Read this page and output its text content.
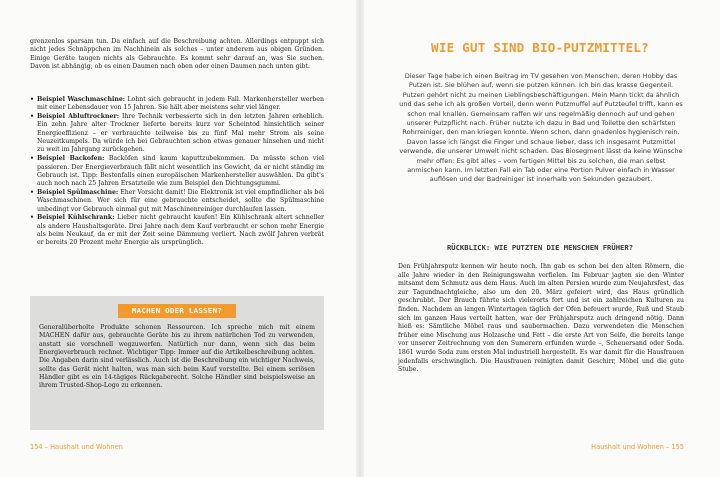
grenzenlos sparsam tun. Da einfach auf die Beschreibung achten. Allerdings entpuppt sich nicht jedes Schnäppchen im Nachhinein als solches – unter anderem aus obigen Gründen. Einige Geräte taugen nichts als Gebrauchte. Es kommt sehr darauf an, was Sie suchen. Davon ist abhängig, ob es einen Daumen nach oben oder einen Daumen nach unten gibt.

• Beispiel Waschmaschine: Lohnt sich gebraucht in jedem Fall. Markenhersteller werben mit einer Lebensdauer von 15 Jahren. Sie hält aber meistens sehr viel länger.
• Beispiel Abluftrockner: Ihre Technik verbesserte sich in den letzten Jahren erheblich. Ein zehn Jahre alter Trockner lieferte bereits kurz vor Scheintod hinsichtlich seiner Energieeffizienz – er verbrauchte teilweise bis zu fünf Mal mehr Strom als seine Neuzeitkumpels. Da würde ich bei Gebrauchten schon etwas genauer hinsehen und nicht zu weit im Jahrgang zurückgehen.
• Beispiel Backofen: Backöfen sind kaum kaputtzubekommen. Da müsste schon viel passieren. Der Energieverbrauch fällt nicht wesentlich ins Gewicht, da er nicht ständig im Gebrauch ist. Tipp: Bestenfalls einen europäischen Markenhersteller auswählen. Da gibt's auch noch nach 25 Jahren Ersatzteile wie zum Beispiel den Dichtungsgummi.
• Beispiel Spülmaschine: Eher Vorsicht damit! Die Elektronik ist viel empfindlicher als bei Waschmaschinen. Wer sich für eine gebrauchte entscheidet, sollte die Spülmaschine unbedingt vor Gebrauch einmal gut mit Maschinenreiniger durchlaufen lassen.
• Beispiel Kühlschrank: Lieber nicht gebraucht kaufen! Ein Kühlschrank altert schneller als andere Haushaltsgeräte. Drei Jahre nach dem Kauf verbraucht er schon mehr Energie als beim Neukauf, da er mit der Zeit seine Dämmung verliert. Nach zwölf Jahren verbrät er bereits 20 Prozent mehr Energie als ursprünglich.
MACHEN ODER LASSEN?

Generalüberholte Produkte schonen Ressourcen. Ich spreche mich mit einem MACHEN dafür aus, gebrauchte Geräte bis zu ihrem natürlichen Tod zu verwenden, anstatt sie vorschnell wegzuwerfen. Natürlich nur dann, wenn sich das beim Energieverbrauch rechnet. Wichtiger Tipp: Immer auf die Artikelbeschreibung achten. Die Angaben darin sind verlässlich. Auch ist die Beschreibung ein wichtiger Nachweis, sollte das Gerät nicht halten, was man sich beim Kauf vorstellte. Bei einem seriösen Händler gibt es ein 14-tägiges Rückgaberecht. Solche Händler sind beispielsweise an ihrem Trusted-Shop-Logo zu erkennen.

154 – Haushalt und Wohnen
WIE GUT SIND BIO-PUTZMITTEL?

Dieser Tage habe ich einen Beitrag im TV gesehen von Menschen, deren Hobby das Putzen ist. Sie blühen auf, wenn sie putzen können. Ich bin das krasse Gegenteil. Putzen gehört nicht zu meinen Lieblingsbeschäftigungen. Mein Mann tickt da ähnlich und das sehe ich als großen Vorteil, denn wenn Putzmuffel auf Putzteufel trifft, kann es schon mal knallen. Gemeinsam raffen wir uns regelmäßig dennoch auf und gehen unserer Putzpflicht nach. Früher nutzte ich dazu in Bad und Toilette den schärfsten Rohrreiniger, den man kriegen konnte. Wenn schon, dann gnadenlos hygienisch rein. Davon lasse ich längst die Finger und schaue lieber, dass ich insgesamt Putzmittel verwende, die unserer Umwelt nicht schaden. Das Biosegment lässt da keine Wünsche mehr offen: Es gibt alles – vom fertigen Mittel bis zu solchen, die man selbst anmischen kann. Im letzten Fall ein Tab oder eine Portion Pulver einfach in Wasser auflösen und der Badreiniger ist innerhalb von Sekunden gezaubert.

RÜCKBLICK: WIE PUTZTEN DIE MENSCHEN FRÜHER?

Den Frühjahrsputz kennen wir heute noch. Ihn gab es schon bei den alten Römern, die alle Jahre wieder in den Reinigungswahn verfielen. Im Februar jagten sie den Winter mitsamt dem Schmutz aus dem Haus. Auch im alten Persien wurde zum Neujahrsfest, das zur Tagundnachtgleiche, also um den 20. März gefeiert wird, das Haus gründlich geschrubbt. Der Brauch führte sich vielerorts fort und ist ein zahlreichen Kulturen zu finden. Nachdem an langen Wintertagen täglich der Ofen befeuert wurde, Ruß und Staub sich im ganzen Haus verteilt hatten, war der Frühjahrsputz auch dringend nötig. Dann hieß es: Sämtliche Möbel raus und saubermachen. Dazu verwendeten die Menschen früher eine Mischung aus Holzasche und Fett – die erste Art von Seife, die bereits lange vor unserer Zeitrechnung von den Sumerern erfunden wurde –, Scheuersand oder Soda. 1861 wurde Soda zum ersten Mal industriell hergestellt. Es war damit für die Hausfrauen jedenfalls erschwinglich. Die Hausfrauen reinigten damit Geschirr, Möbel und die gute Stube.

Haushalt und Wohnen – 155
